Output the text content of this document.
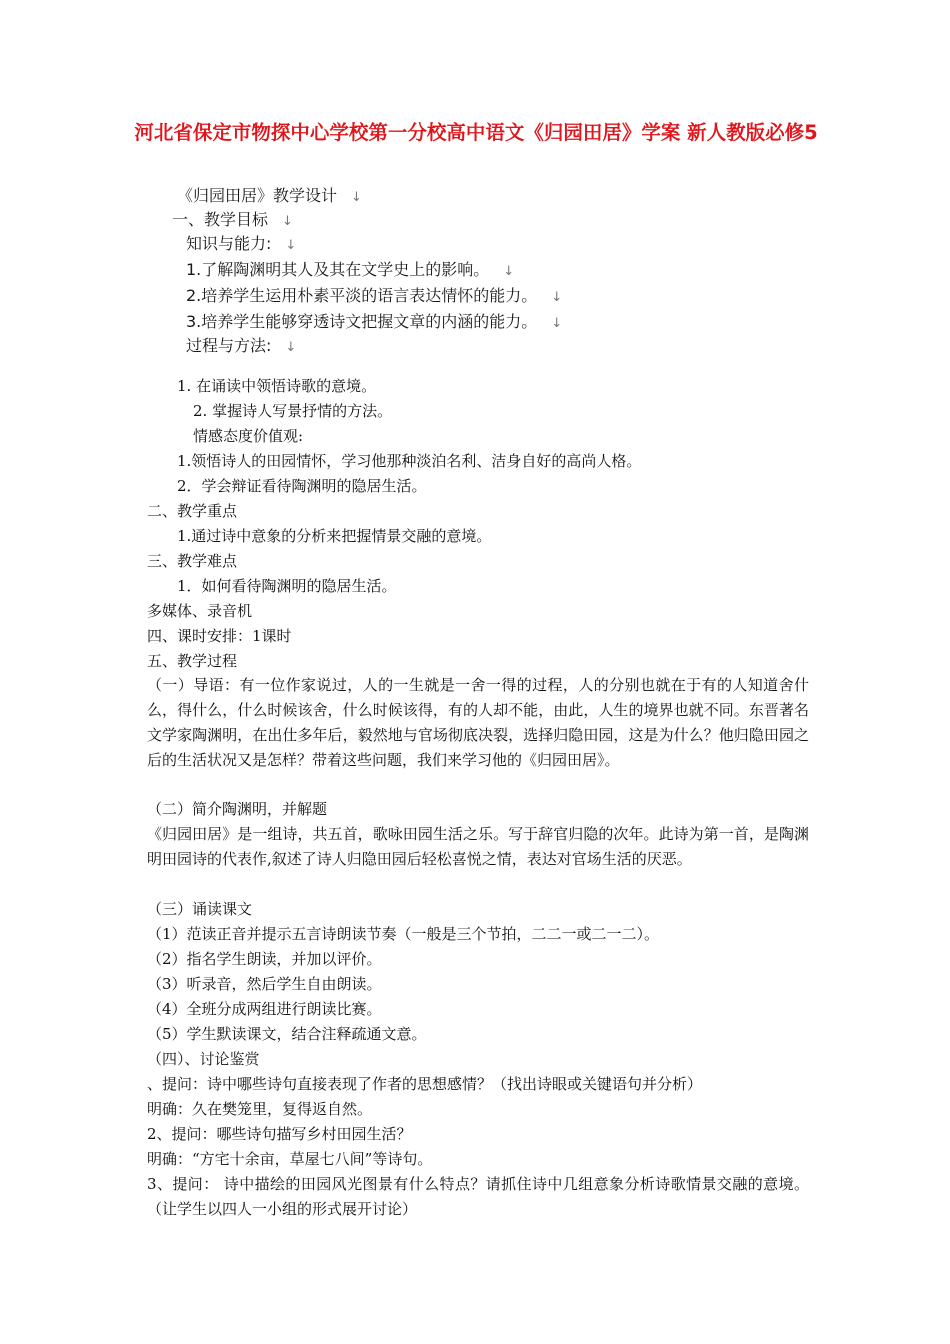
河北省保定市物探中心学校第一分校高中语文《归园田居》学案 新人教版必修5
《归园田居》教学设计 ↓
一、教学目标 ↓
知识与能力: ↓
1.了解陶渊明其人及其在文学史上的影响。 ↓
2.培养学生运用朴素平淡的语言表达情怀的能力。 ↓
3.培养学生能够穿透诗文把握文章的内涵的能力。 ↓
过程与方法: ↓
1. 在诵读中领悟诗歌的意境。
2. 掌握诗人写景抒情的方法。
情感态度价值观:
1.领悟诗人的田园情怀，学习他那种淡泊名利、洁身自好的高尚人格。
2．学会辩证看待陶渊明的隐居生活。
二、教学重点
1.通过诗中意象的分析来把握情景交融的意境。
三、教学难点
1．如何看待陶渊明的隐居生活。
多媒体、录音机
四、课时安排：1课时
五、教学过程
（一）导语：有一位作家说过，人的一生就是一舍一得的过程，人的分别也就在于有的人知道舍什么，得什么，什么时候该舍，什么时候该得，有的人却不能，由此，人生的境界也就不同。东晋著名文学家陶渊明，在出仕多年后，毅然地与官场彻底决裂，选择归隐田园，这是为什么？他归隐田园之后的生活状况又是怎样？带着这些问题，我们来学习他的《归园田居》。
（二）简介陶渊明，并解题
《归园田居》是一组诗，共五首，歌咏田园生活之乐。写于辞官归隐的次年。此诗为第一首，是陶渊明田园诗的代表作,叙述了诗人归隐田园后轻松喜悦之情，表达对官场生活的厌恶。
（三）诵读课文
（1）范读正音并提示五言诗朗读节奏（一般是三个节拍，二二一或二一二）。
（2）指名学生朗读，并加以评价。
（3）听录音，然后学生自由朗读。
（4）全班分成两组进行朗读比赛。
（5）学生默读课文，结合注释疏通文意。
（四）、讨论鉴赏
、提问：诗中哪些诗句直接表现了作者的思想感情？（找出诗眼或关键语句并分析）
明确：久在樊笼里，复得返自然。
2、提问：哪些诗句描写乡村田园生活？
明确：“方宅十余亩，草屋七八间”等诗句。
3、提问： 诗中描绘的田园风光图景有什么特点？请抓住诗中几组意象分析诗歌情景交融的意境。（让学生以四人一小组的形式展开讨论）
